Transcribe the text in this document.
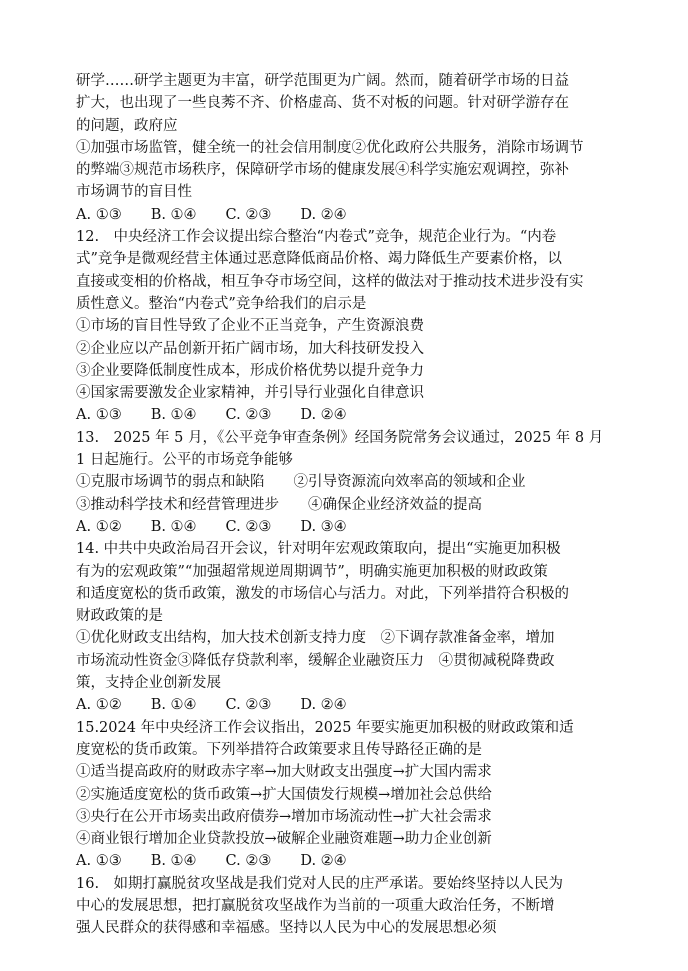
研学……研学主题更为丰富，研学范围更为广阔。然而，随着研学市场的日益
扩大，也出现了一些良莠不齐、价格虚高、货不对板的问题。针对研学游存在
的问题，政府应
①加强市场监管，健全统一的社会信用制度②优化政府公共服务，消除市场调节
的弊端③规范市场秩序，保障研学市场的健康发展④科学实施宏观调控，弥补
市场调节的盲目性
A. ①③　　B. ①④　　C. ②③　　D. ②④
12.　中央经济工作会议提出综合整治“内卷式”竞争，规范企业行为。“内卷
式”竞争是微观经营主体通过恶意降低商品价格、竭力降低生产要素价格，以
直接或变相的价格战，相互争夺市场空间，这样的做法对于推动技术进步没有实
质性意义。整治“内卷式”竞争给我们的启示是
①市场的盲目性导致了企业不正当竞争，产生资源浪费
②企业应以产品创新开拓广阔市场，加大科技研发投入
③企业要降低制度性成本，形成价格优势以提升竞争力
④国家需要激发企业家精神，并引导行业强化自律意识
A. ①③　　B. ①④　　C. ②③　　D. ②④
13.　2025 年 5 月，《公平竞争审查条例》经国务院常务会议通过，2025 年 8 月
1 日起施行。公平的市场竞争能够
①克服市场调节的弱点和缺陷　　②引导资源流向效率高的领域和企业
③推动科学技术和经营管理进步　　④确保企业经济效益的提高
A. ①②　　B. ①④　　C. ②③　　D. ③④
14. 中共中央政治局召开会议，针对明年宏观政策取向，提出“实施更加积极
有为的宏观政策”“加强超常规逆周期调节”，明确实施更加积极的财政政策
和适度宽松的货币政策，激发的市场信心与活力。对此，下列举措符合积极的
财政政策的是
①优化财政支出结构，加大技术创新支持力度　②下调存款准备金率，增加
市场流动性资金③降低存贷款利率，缓解企业融资压力　④贯彻减税降费政
策，支持企业创新发展
A. ①②　　B. ①④　　C. ②③　　D. ②④
15.2024 年中央经济工作会议指出，2025 年要实施更加积极的财政政策和适
度宽松的货币政策。下列举措符合政策要求且传导路径正确的是
①适当提高政府的财政赤字率→加大财政支出强度→扩大国内需求
②实施适度宽松的货币政策→扩大国债发行规模→增加社会总供给
③央行在公开市场卖出政府债券→增加市场流动性→扩大社会需求
④商业银行增加企业贷款投放→破解企业融资难题→助力企业创新
A. ①③　　B. ①④　　C. ②③　　D. ②④
16.　如期打赢脱贫攻坚战是我们党对人民的庄严承诺。要始终坚持以人民为
中心的发展思想，把打赢脱贫攻坚战作为当前的一项重大政治任务，不断增
强人民群众的获得感和幸福感。坚持以人民为中心的发展思想必须
